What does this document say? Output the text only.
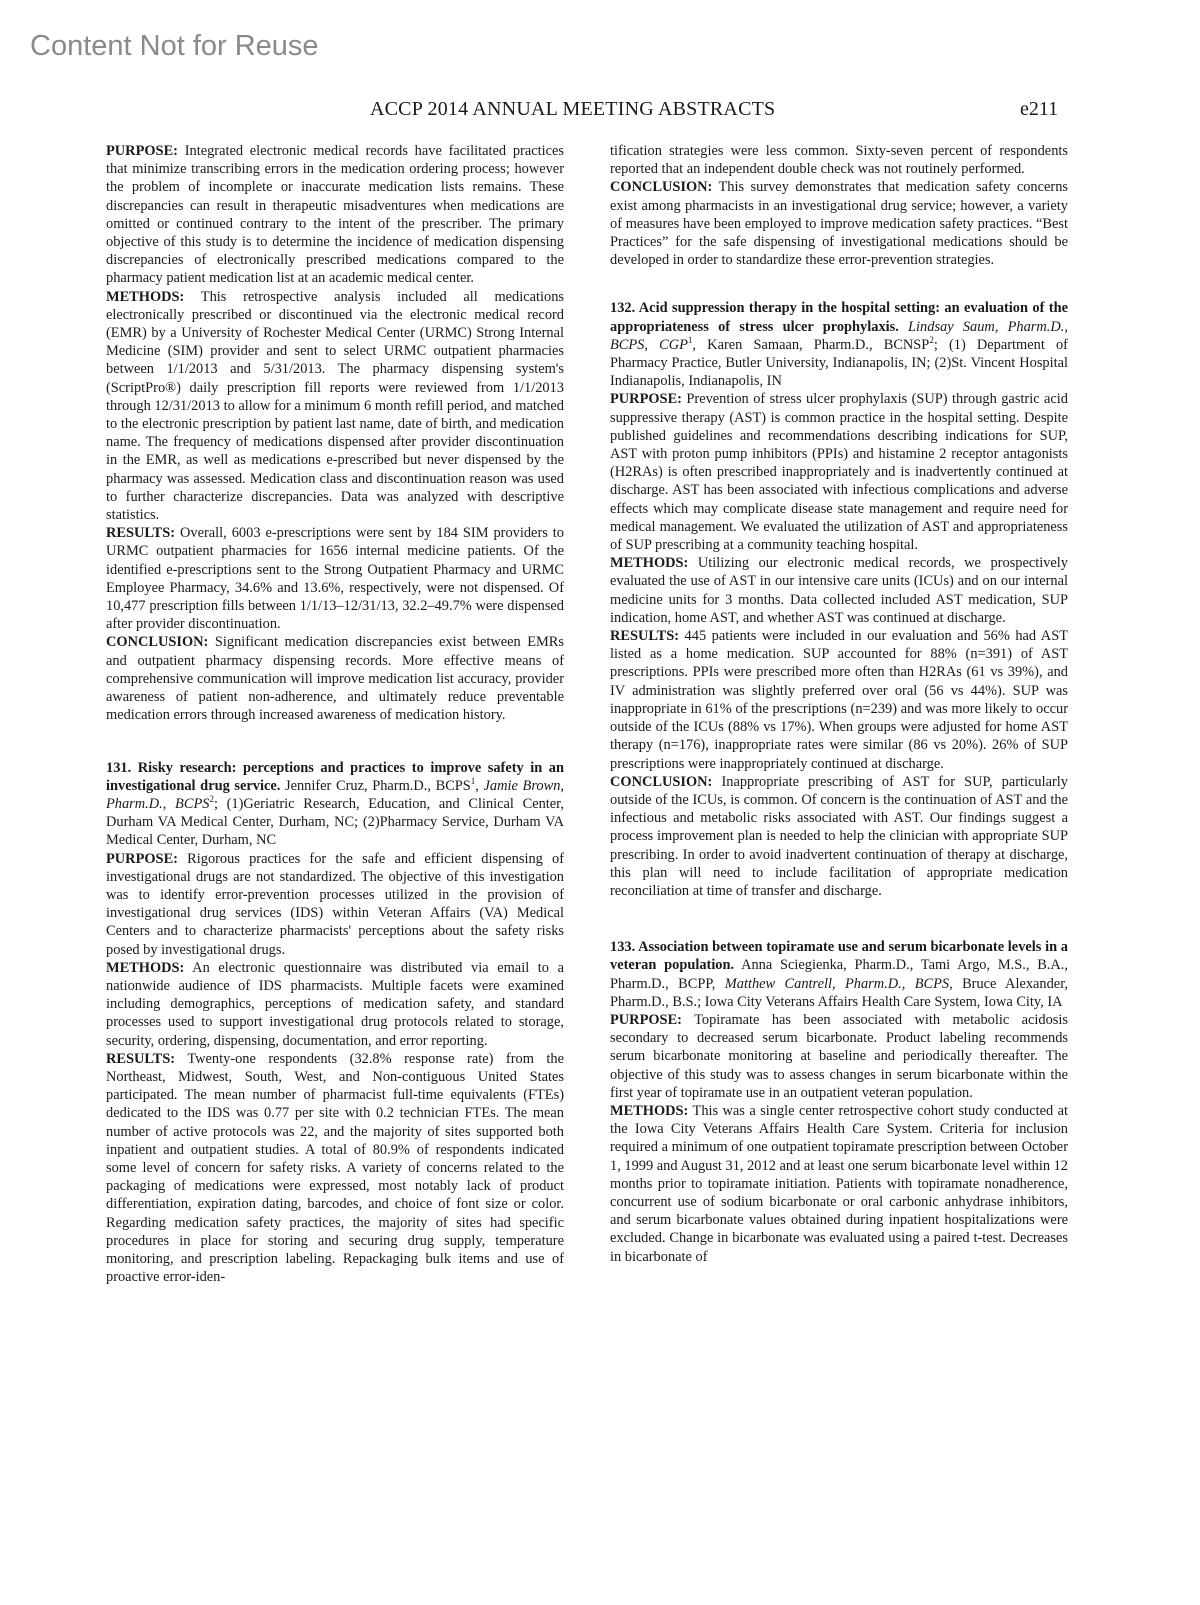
Content Not for Reuse
ACCP 2014 ANNUAL MEETING ABSTRACTS	e211

PURPOSE: Integrated electronic medical records have facilitated practices that minimize transcribing errors in the medication ordering process; however the problem of incomplete or inaccurate medication lists remains. These discrepancies can result in therapeutic misadventures when medications are omitted or continued contrary to the intent of the prescriber. The primary objective of this study is to determine the incidence of medication dispensing discrepancies of electronically prescribed medications compared to the pharmacy patient medication list at an academic medical center.

METHODS: This retrospective analysis included all medications electronically prescribed or discontinued via the electronic medical record (EMR) by a University of Rochester Medical Center (URMC) Strong Internal Medicine (SIM) provider and sent to select URMC outpatient pharmacies between 1/1/2013 and 5/31/2013. The pharmacy dispensing system's (ScriptPro®) daily prescription fill reports were reviewed from 1/1/2013 through 12/31/2013 to allow for a minimum 6 month refill period, and matched to the electronic prescription by patient last name, date of birth, and medication name. The frequency of medications dispensed after provider discontinuation in the EMR, as well as medications e-prescribed but never dispensed by the pharmacy was assessed. Medication class and discontinuation reason was used to further characterize discrepancies. Data was analyzed with descriptive statistics.

RESULTS: Overall, 6003 e-prescriptions were sent by 184 SIM providers to URMC outpatient pharmacies for 1656 internal medicine patients. Of the identified e-prescriptions sent to the Strong Outpatient Pharmacy and URMC Employee Pharmacy, 34.6% and 13.6%, respectively, were not dispensed. Of 10,477 prescription fills between 1/1/13–12/31/13, 32.2–49.7% were dispensed after provider discontinuation.

CONCLUSION: Significant medication discrepancies exist between EMRs and outpatient pharmacy dispensing records. More effective means of comprehensive communication will improve medication list accuracy, provider awareness of patient non-adherence, and ultimately reduce preventable medication errors through increased awareness of medication history.

131. Risky research: perceptions and practices to improve safety in an investigational drug service. Jennifer Cruz, Pharm.D., BCPS$^1$, Jamie Brown, Pharm.D., BCPS$^2$; (1)Geriatric Research, Education, and Clinical Center, Durham VA Medical Center, Durham, NC; (2)Pharmacy Service, Durham VA Medical Center, Durham, NC

PURPOSE: Rigorous practices for the safe and efficient dispensing of investigational drugs are not standardized. The objective of this investigation was to identify error-prevention processes utilized in the provision of investigational drug services (IDS) within Veteran Affairs (VA) Medical Centers and to characterize pharmacists' perceptions about the safety risks posed by investigational drugs.

METHODS: An electronic questionnaire was distributed via email to a nationwide audience of IDS pharmacists. Multiple facets were examined including demographics, perceptions of medication safety, and standard processes used to support investigational drug protocols related to storage, security, ordering, dispensing, documentation, and error reporting.

RESULTS: Twenty-one respondents (32.8% response rate) from the Northeast, Midwest, South, West, and Non-contiguous United States participated. The mean number of pharmacist full-time equivalents (FTEs) dedicated to the IDS was 0.77 per site with 0.2 technician FTEs. The mean number of active protocols was 22, and the majority of sites supported both inpatient and outpatient studies. A total of 80.9% of respondents indicated some level of concern for safety risks. A variety of concerns related to the packaging of medications were expressed, most notably lack of product differentiation, expiration dating, barcodes, and choice of font size or color. Regarding medication safety practices, the majority of sites had specific procedures in place for storing and securing drug supply, temperature monitoring, and prescription labeling. Repackaging bulk items and use of proactive error-iden-

tification strategies were less common. Sixty-seven percent of respondents reported that an independent double check was not routinely performed.

CONCLUSION: This survey demonstrates that medication safety concerns exist among pharmacists in an investigational drug service; however, a variety of measures have been employed to improve medication safety practices. “Best Practices” for the safe dispensing of investigational medications should be developed in order to standardize these error-prevention strategies.

132. Acid suppression therapy in the hospital setting: an evaluation of the appropriateness of stress ulcer prophylaxis. Lindsay Saum, Pharm.D., BCPS, CGP$^1$, Karen Samaan, Pharm.D., BCNSP$^2$; (1) Department of Pharmacy Practice, Butler University, Indianapolis, IN; (2)St. Vincent Hospital Indianapolis, Indianapolis, IN

PURPOSE: Prevention of stress ulcer prophylaxis (SUP) through gastric acid suppressive therapy (AST) is common practice in the hospital setting. Despite published guidelines and recommendations describing indications for SUP, AST with proton pump inhibitors (PPIs) and histamine 2 receptor antagonists (H2RAs) is often prescribed inappropriately and is inadvertently continued at discharge. AST has been associated with infectious complications and adverse effects which may complicate disease state management and require need for medical management. We evaluated the utilization of AST and appropriateness of SUP prescribing at a community teaching hospital.

METHODS: Utilizing our electronic medical records, we prospectively evaluated the use of AST in our intensive care units (ICUs) and on our internal medicine units for 3 months. Data collected included AST medication, SUP indication, home AST, and whether AST was continued at discharge.

RESULTS: 445 patients were included in our evaluation and 56% had AST listed as a home medication. SUP accounted for 88% (n=391) of AST prescriptions. PPIs were prescribed more often than H2RAs (61 vs 39%), and IV administration was slightly preferred over oral (56 vs 44%). SUP was inappropriate in 61% of the prescriptions (n=239) and was more likely to occur outside of the ICUs (88% vs 17%). When groups were adjusted for home AST therapy (n=176), inappropriate rates were similar (86 vs 20%). 26% of SUP prescriptions were inappropriately continued at discharge.

CONCLUSION: Inappropriate prescribing of AST for SUP, particularly outside of the ICUs, is common. Of concern is the continuation of AST and the infectious and metabolic risks associated with AST. Our findings suggest a process improvement plan is needed to help the clinician with appropriate SUP prescribing. In order to avoid inadvertent continuation of therapy at discharge, this plan will need to include facilitation of appropriate medication reconciliation at time of transfer and discharge.

133. Association between topiramate use and serum bicarbonate levels in a veteran population. Anna Sciegienka, Pharm.D., Tami Argo, M.S., B.A., Pharm.D., BCPP, Matthew Cantrell, Pharm.D., BCPS, Bruce Alexander, Pharm.D., B.S.; Iowa City Veterans Affairs Health Care System, Iowa City, IA

PURPOSE: Topiramate has been associated with metabolic acidosis secondary to decreased serum bicarbonate. Product labeling recommends serum bicarbonate monitoring at baseline and periodically thereafter. The objective of this study was to assess changes in serum bicarbonate within the first year of topiramate use in an outpatient veteran population.

METHODS: This was a single center retrospective cohort study conducted at the Iowa City Veterans Affairs Health Care System. Criteria for inclusion required a minimum of one outpatient topiramate prescription between October 1, 1999 and August 31, 2012 and at least one serum bicarbonate level within 12 months prior to topiramate initiation. Patients with topiramate nonadherence, concurrent use of sodium bicarbonate or oral carbonic anhydrase inhibitors, and serum bicarbonate values obtained during inpatient hospitalizations were excluded. Change in bicarbonate was evaluated using a paired t-test. Decreases in bicarbonate of
